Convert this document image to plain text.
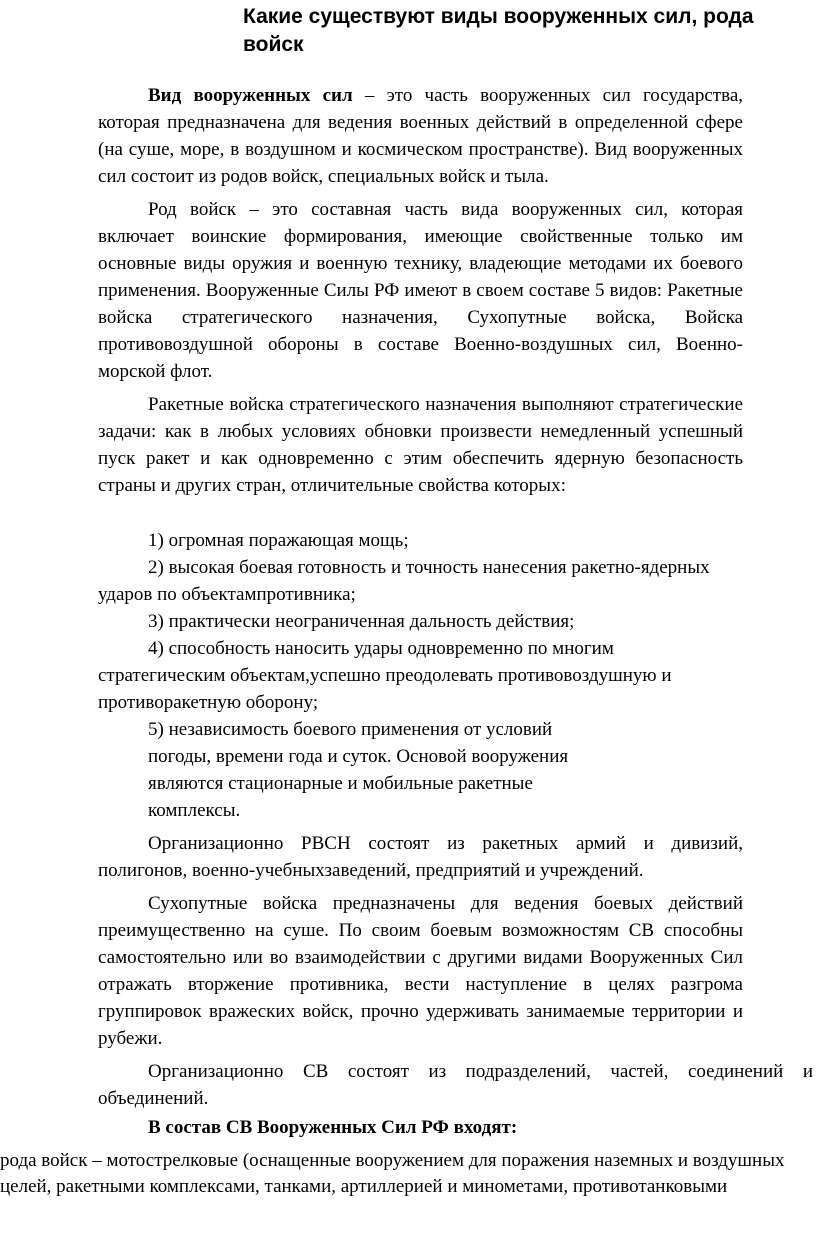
Какие существуют виды вооруженных сил, рода войск

Вид вооруженных сил – это часть вооруженных сил государства, которая предназначена для ведения военных действий в определенной сфере (на суше, море, в воздушном и космическом пространстве). Вид вооруженных сил состоит из родов войск, специальных войск и тыла.

Род войск – это составная часть вида вооруженных сил, которая включает воинские формирования, имеющие свойственные только им основные виды оружия и военную технику, владеющие методами их боевого применения. Вооруженные Силы РФ имеют в своем составе 5 видов: Ракетные войска стратегического назначения, Сухопутные войска, Войска противовоздушной обороны в составе Военно-воздушных сил, Военно-морской флот.

Ракетные войска стратегического назначения выполняют стратегические задачи: как в любых условиях обновки произвести немедленный успешный пуск ракет и как одновременно с этим обеспечить ядерную безопасность страны и других стран, отличительные свойства которых:

1) огромная поражающая мощь;

2) высокая боевая готовность и точность нанесения ракетно-ядерных ударов по объектампротивника;

3) практически неограниченная дальность действия;

4) способность наносить удары одновременно по многим стратегическим объектам,успешно преодолевать противовоздушную и противоракетную оборону;

5) независимость боевого применения от условий

погоды, времени года и суток. Основой вооружения

являются стационарные и мобильные ракетные

комплексы.

Организационно РВСН состоят из ракетных армий и дивизий, полигонов, военно-учебныхзаведений, предприятий и учреждений.

Сухопутные войска предназначены для ведения боевых действий преимущественно на суше. По своим боевым возможностям СВ способны самостоятельно или во взаимодействии с другими видами Вооруженных Сил отражать вторжение противника, вести наступление в целях разгрома группировок вражеских войск, прочно удерживать занимаемые территории и рубежи.

Организационно СВ состоят из подразделений, частей, соединений и объединений.

В состав СВ Вооруженных Сил РФ входят:

рода войск – мотострелковые (оснащенные вооружением для поражения наземных и воздушных целей, ракетными комплексами, танками, артиллерией и минометами, противотанковыми
